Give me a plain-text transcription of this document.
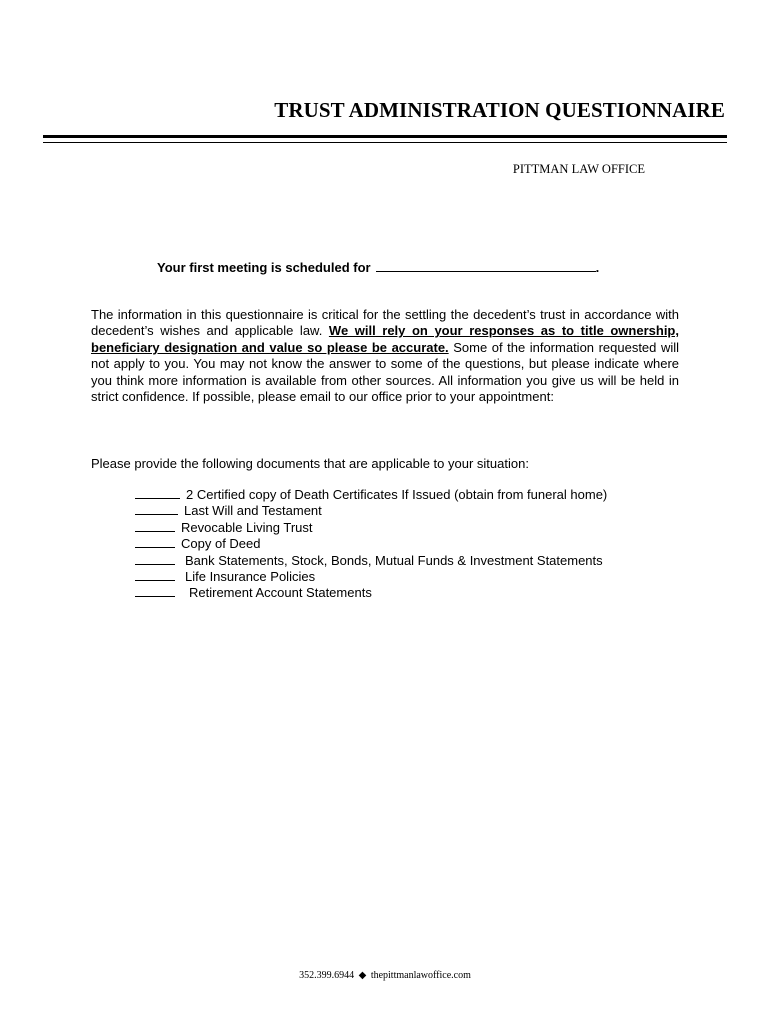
TRUST ADMINISTRATION QUESTIONNAIRE
PITTMAN LAW OFFICE
Your first meeting is scheduled for	.

The information in this questionnaire is critical for the settling the decedent’s trust in accordance with decedent’s wishes and applicable law. We will rely on your responses as to title ownership, beneficiary designation and value so please be accurate. Some of the information requested will not apply to you. You may not know the answer to some of the questions, but please indicate where you think more information is available from other sources. All information you give us will be held in strict confidence. If possible, please email to our office prior to your appointment:

Please provide the following documents that are applicable to your situation:

2 Certified copy of Death Certificates If Issued (obtain from funeral home)
Last Will and Testament
Revocable Living Trust
Copy of Deed
Bank Statements, Stock, Bonds, Mutual Funds & Investment Statements
Life Insurance Policies
Retirement Account Statements
352.399.6944 ◆ thepittmanlawoffice.com
